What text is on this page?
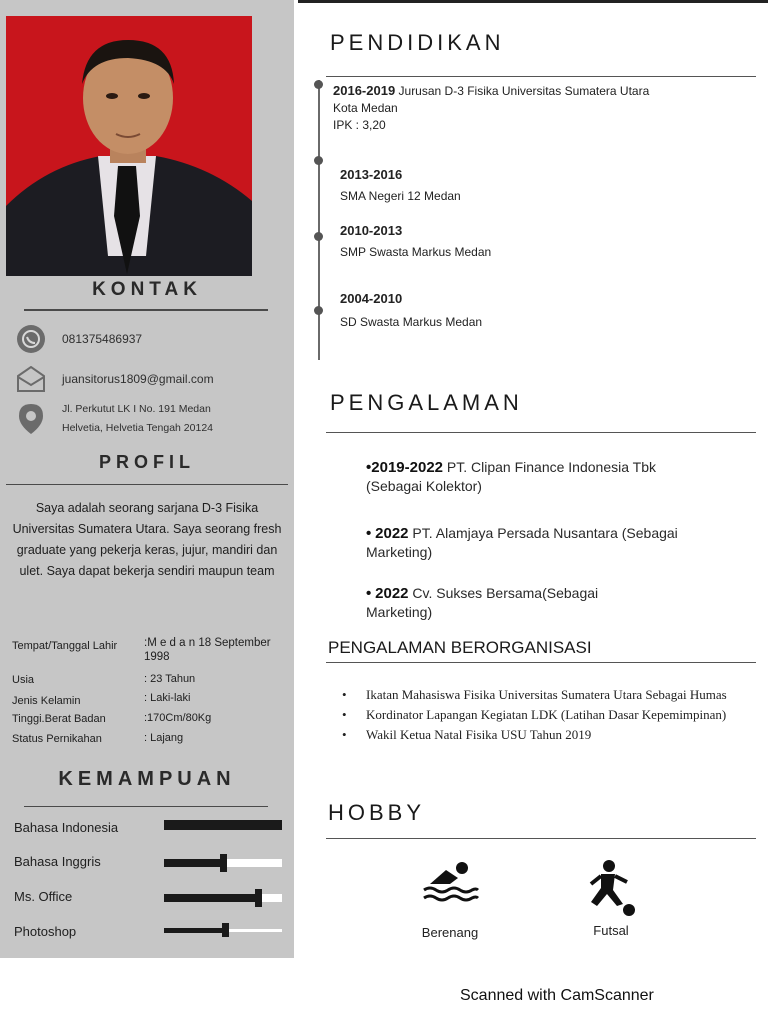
KONTAK
081375486937
juansitorus1809@gmail.com
Jl. Perkutut LK I No. 191 Medan
Helvetia, Helvetia Tengah 20124
PROFIL
Saya adalah seorang sarjana D-3 Fisika Universitas Sumatera Utara. Saya seorang fresh graduate yang pekerja keras, jujur, mandiri dan ulet. Saya dapat bekerja sendiri maupun team
Tempat/Tanggal Lahir :M e d a n 18 September 1998
Usia	: 23 Tahun
Jenis Kelamin	: Laki-laki
Tinggi.Berat Badan	:170Cm/80Kg
Status Pernikahan	: Lajang
KEMAMPUAN
Bahasa Indonesia
Bahasa Inggris
Ms. Office
Photoshop
PENDIDIKAN
2016-2019 Jurusan D-3 Fisika Universitas Sumatera Utara Kota Medan
IPK : 3,20
2013-2016
SMA Negeri 12 Medan
2010-2013
SMP Swasta Markus Medan
2004-2010
SD Swasta Markus Medan
PENGALAMAN
•2019-2022 PT. Clipan Finance Indonesia Tbk (Sebagai Kolektor)
• 2022 PT. Alamjaya Persada Nusantara (Sebagai Marketing)
• 2022 Cv. Sukses Bersama(Sebagai Marketing)
PENGALAMAN BERORGANISASI
• Ikatan Mahasiswa Fisika Universitas Sumatera Utara Sebagai Humas
• Kordinator Lapangan Kegiatan LDK (Latihan Dasar Kepemimpinan)
• Wakil Ketua Natal Fisika USU Tahun 2019
HOBBY
Berenang	Futsal
Scanned with CamScanner
